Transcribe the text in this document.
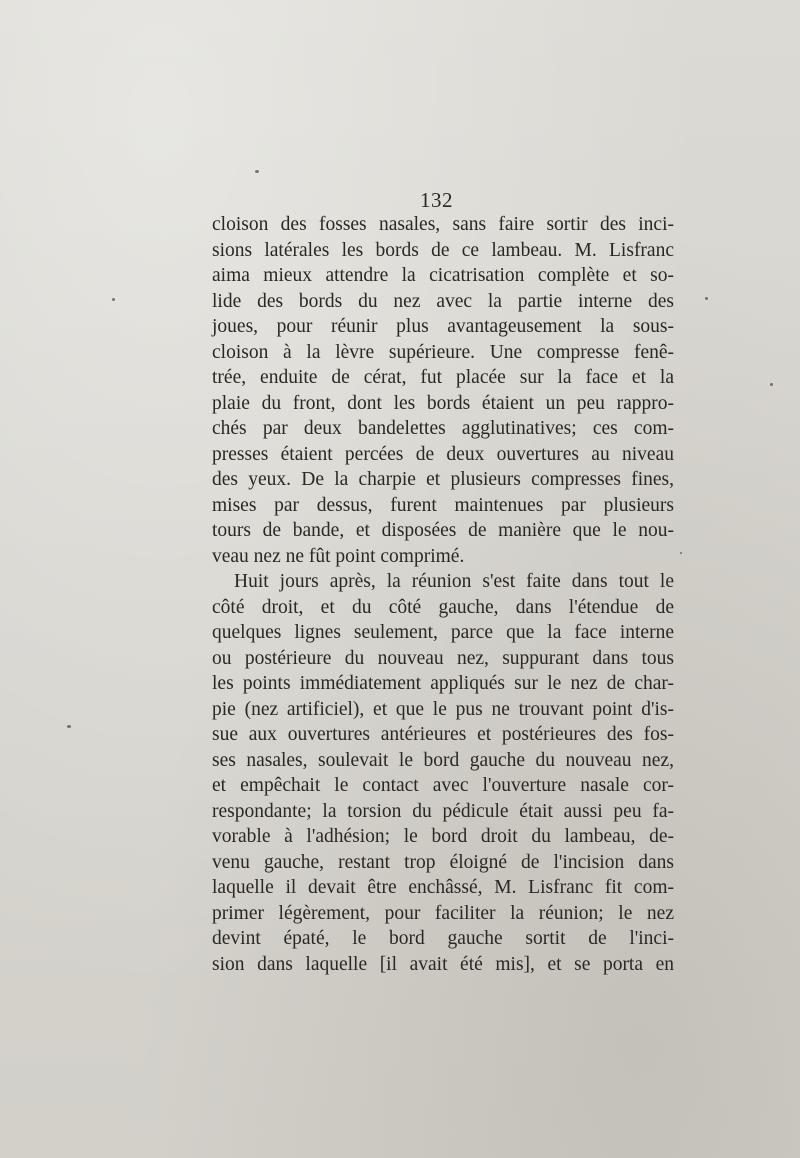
132
cloison des fosses nasales, sans faire sortir des inci-
sions latérales les bords de ce lambeau. M. Lisfranc
aima mieux attendre la cicatrisation complète et so-
lide des bords du nez avec la partie interne des
joues, pour réunir plus avantageusement la sous-
cloison à la lèvre supérieure. Une compresse fenê-
trée, enduite de cérat, fut placée sur la face et la
plaie du front, dont les bords étaient un peu rappro-
chés par deux bandelettes agglutinatives; ces com-
presses étaient percées de deux ouvertures au niveau
des yeux. De la charpie et plusieurs compresses fines,
mises par dessus, furent maintenues par plusieurs
tours de bande, et disposées de manière que le nou-
veau nez ne fût point comprimé.
Huit jours après, la réunion s'est faite dans tout le
côté droit, et du côté gauche, dans l'étendue de
quelques lignes seulement, parce que la face interne
ou postérieure du nouveau nez, suppurant dans tous
les points immédiatement appliqués sur le nez de char-
pie (nez artificiel), et que le pus ne trouvant point d'is-
sue aux ouvertures antérieures et postérieures des fos-
ses nasales, soulevait le bord gauche du nouveau nez,
et empêchait le contact avec l'ouverture nasale cor-
respondante; la torsion du pédicule était aussi peu fa-
vorable à l'adhésion; le bord droit du lambeau, de-
venu gauche, restant trop éloigné de l'incision dans
laquelle il devait être enchâssé, M. Lisfranc fit com-
primer légèrement, pour faciliter la réunion; le nez
devint épaté, le bord gauche sortit de l'inci-
sion dans laquelle [il avait été mis], et se porta en
